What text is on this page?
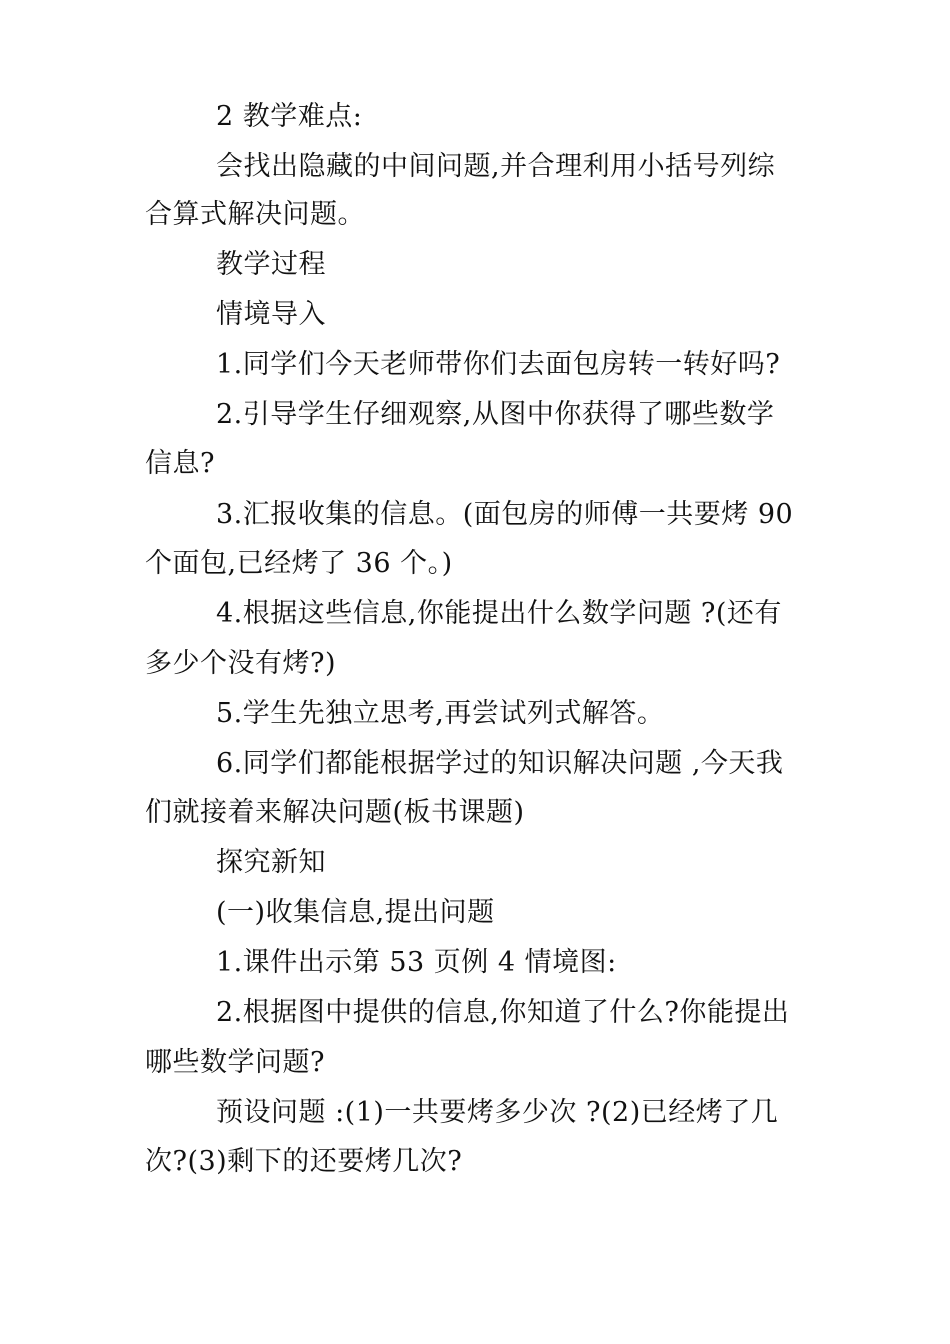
2 教学难点:
会找出隐藏的中间问题,并合理利用小括号列综
合算式解决问题。
教学过程
情境导入
1.同学们今天老师带你们去面包房转一转好吗?
2.引导学生仔细观察,从图中你获得了哪些数学
信息?
3.汇报收集的信息。(面包房的师傅一共要烤 90
个面包,已经烤了 36 个。)
4.根据这些信息,你能提出什么数学问题 ?(还有
多少个没有烤?)
5.学生先独立思考,再尝试列式解答。
6.同学们都能根据学过的知识解决问题 ,今天我
们就接着来解决问题(板书课题)
探究新知
(一)收集信息,提出问题
1.课件出示第 53 页例 4 情境图:
2.根据图中提供的信息,你知道了什么?你能提出
哪些数学问题?
预设问题 :(1)一共要烤多少次 ?(2)已经烤了几
次?(3)剩下的还要烤几次?
